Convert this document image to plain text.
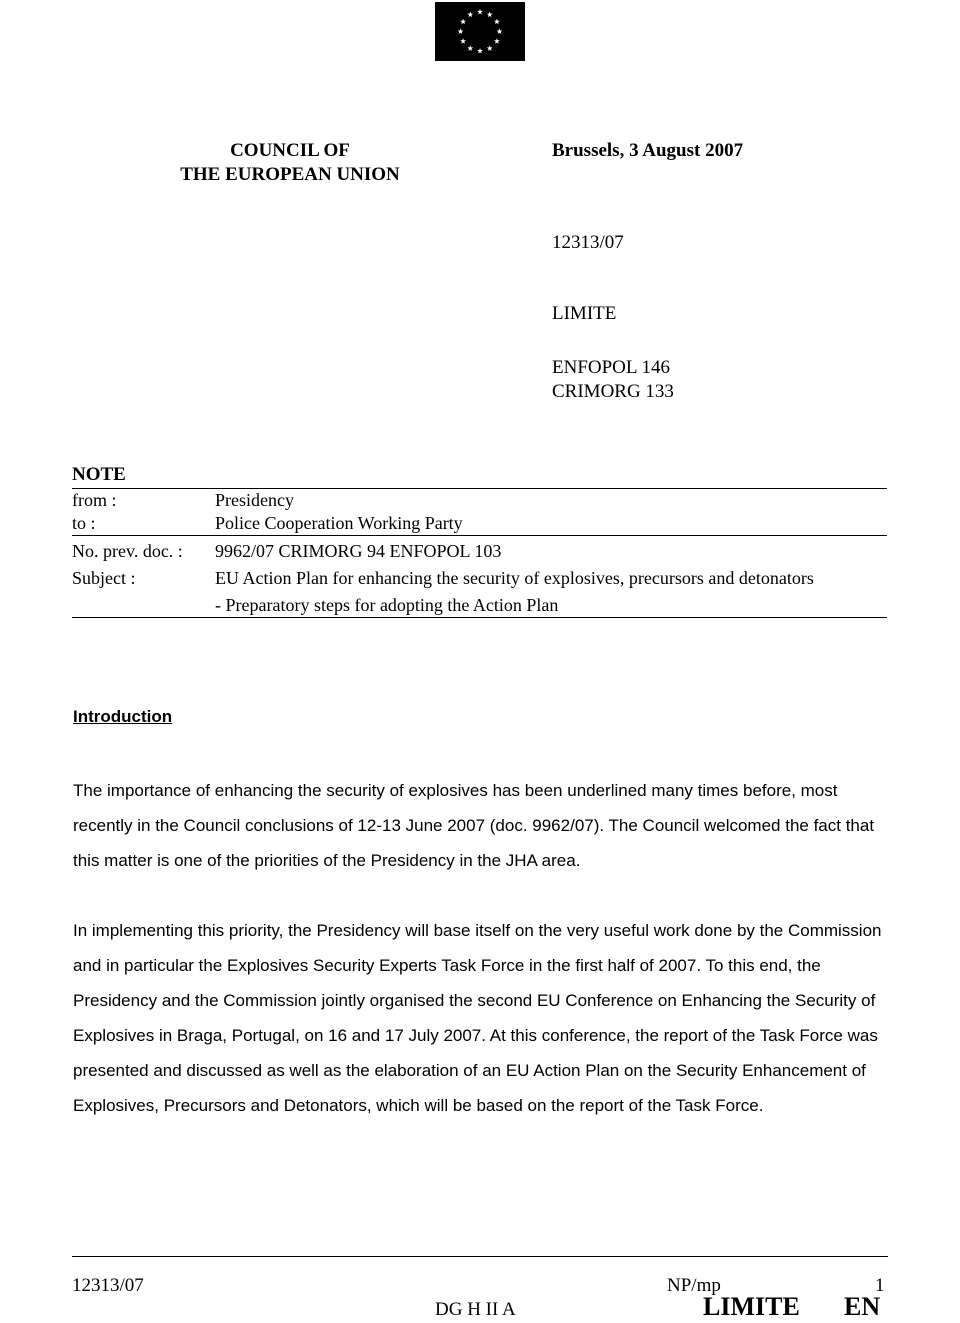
COUNCIL OF
THE EUROPEAN UNION
Brussels, 3 August 2007
12313/07
LIMITE
ENFOPOL 146
CRIMORG 133
NOTE
from :	Presidency
to :	Police Cooperation Working Party
No. prev. doc. :	9962/07 CRIMORG 94 ENFOPOL 103
Subject :	EU Action Plan for enhancing the security of explosives, precursors and detonators
- Preparatory steps for adopting the Action Plan
Introduction
The importance of enhancing the security of explosives has been underlined many times before, most recently in the Council conclusions of 12-13 June 2007 (doc. 9962/07). The Council welcomed the fact that this matter is one of the priorities of the Presidency in the JHA area.
In implementing this priority, the Presidency will base itself on the very useful work done by the Commission and in particular the Explosives Security Experts Task Force in the first half of 2007. To this end, the Presidency and the Commission jointly organised the second EU Conference on Enhancing the Security of Explosives in Braga, Portugal, on 16 and 17 July 2007. At this conference, the report of the Task Force was presented and discussed as well as the elaboration of an EU Action Plan on the Security Enhancement of Explosives, Precursors and Detonators, which will be based on the report of the Task Force.
12313/07	NP/mp	1
DG H II A	LIMITE EN
